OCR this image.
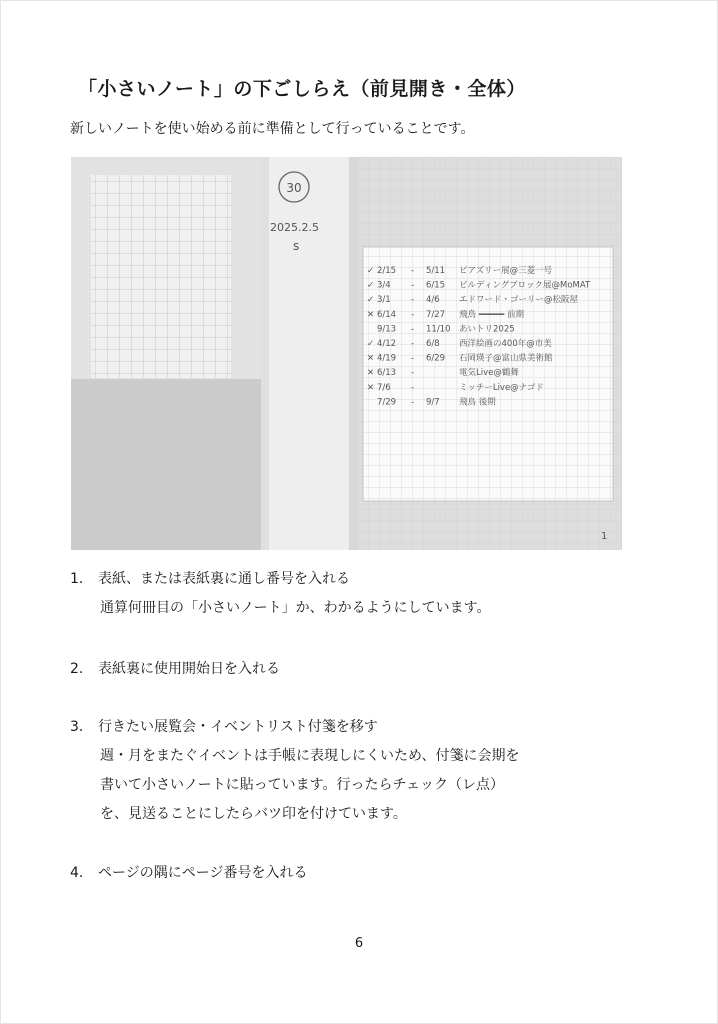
「小さいノート」の下ごしらえ（前見開き・全体）
新しいノートを使い始める前に準備として行っていることです。
30
2025.2.5
s
✓ 2/15 - 5/11 ビアズリー展@三菱一号
✓ 3/4 - 6/15 ビルディングブロック展@MoMAT
✓ 3/1 - 4/6 エドワード・ゴーリー@松阪屋
✕ 6/14 - 7/27 飛鳥 ━━━━━ 前期
9/13 - 11/10 あいトリ2025
✓ 4/12 - 6/8 西洋絵画の400年@市美
✕ 4/19 - 6/29 石岡瑛子@富山県美術館
✕ 6/13 -	電気Live@鶴舞
✕ 7/6 -	ミッチーLive@ナゴド
7/29 - 9/7 飛鳥 後期
1
1. 表紙、または表紙裏に通し番号を入れる
通算何冊目の「小さいノート」か、わかるようにしています。
2. 表紙裏に使用開始日を入れる
3. 行きたい展覧会・イベントリスト付箋を移す
週・月をまたぐイベントは手帳に表現しにくいため、付箋に会期を
書いて小さいノートに貼っています。行ったらチェック（レ点）
を、見送ることにしたらバツ印を付けています。
4. ページの隅にページ番号を入れる
6
